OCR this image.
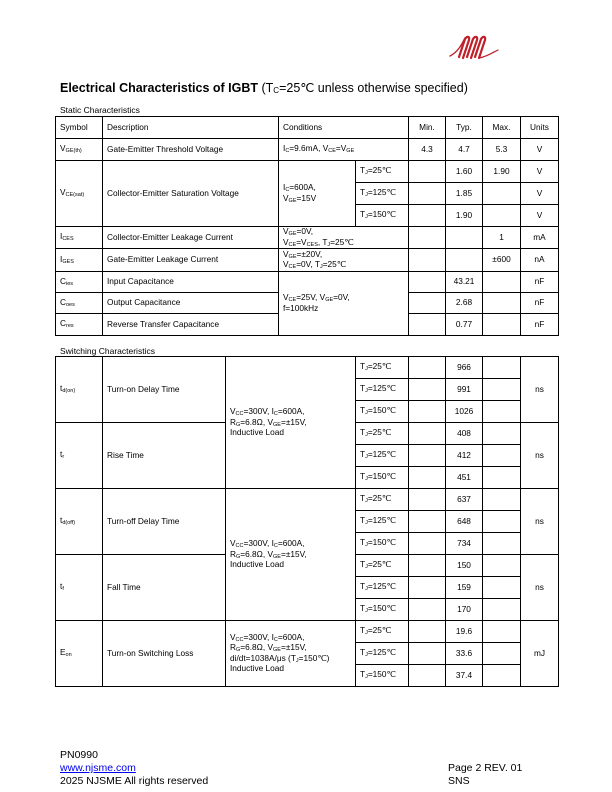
Electrical Characteristics of IGBT (TC=25℃ unless otherwise specified)
Static Characteristics
Symbol	Description	Conditions		Min.	Typ.	Max.	Units
VGE(th)	Gate-Emitter Threshold Voltage	IC=9.6mA, VCE=VGE		4.3	4.7	5.3	V
VCE(sat)	Collector-Emitter Saturation Voltage	IC=600A,
VGE=15V	TJ=25℃		1.60	1.90	V
			TJ=125℃		1.85		V
			TJ=150℃		1.90		V
ICES	Collector-Emitter Leakage Current	VGE=0V,
VCE=VCES, TJ=25℃				1	mA
IGES	Gate-Emitter Leakage Current	VGE=±20V,
VCE=0V, TJ=25℃				±600	nA
Cies	Input Capacitance	VCE=25V, VGE=0V,
f=100kHz			43.21		nF
Coes	Output Capacitance				2.68		nF
Cres	Reverse Transfer Capacitance				0.77		nF
Switching Characteristics
td(on)	Turn-on Delay Time	VCC=300V, IC=600A,
RG=6.8Ω, VGE=±15V,
Inductive Load	TJ=25℃		966		ns
			TJ=125℃		991		
			TJ=150℃		1026		
tr	Rise Time		TJ=25℃		408		ns
			TJ=125℃		412		
			TJ=150℃		451		
td(off)	Turn-off Delay Time	VCC=300V, IC=600A,
RG=6.8Ω, VGE=±15V,
Inductive Load	TJ=25℃		637		ns
			TJ=125℃		648		
			TJ=150℃		734		
tf	Fall Time		TJ=25℃		150		ns
			TJ=125℃		159		
			TJ=150℃		170		
Eon	Turn-on Switching Loss	VCC=300V, IC=600A,
RG=6.8Ω, VGE=±15V,
di/dt=1038A/μs (TJ=150℃)
Inductive Load	TJ=25℃		19.6		mJ
			TJ=125℃		33.6		
			TJ=150℃		37.4		
PN0990
www.njsme.com
2025 NJSME All rights reserved
Page 2 REV. 01
SNS
